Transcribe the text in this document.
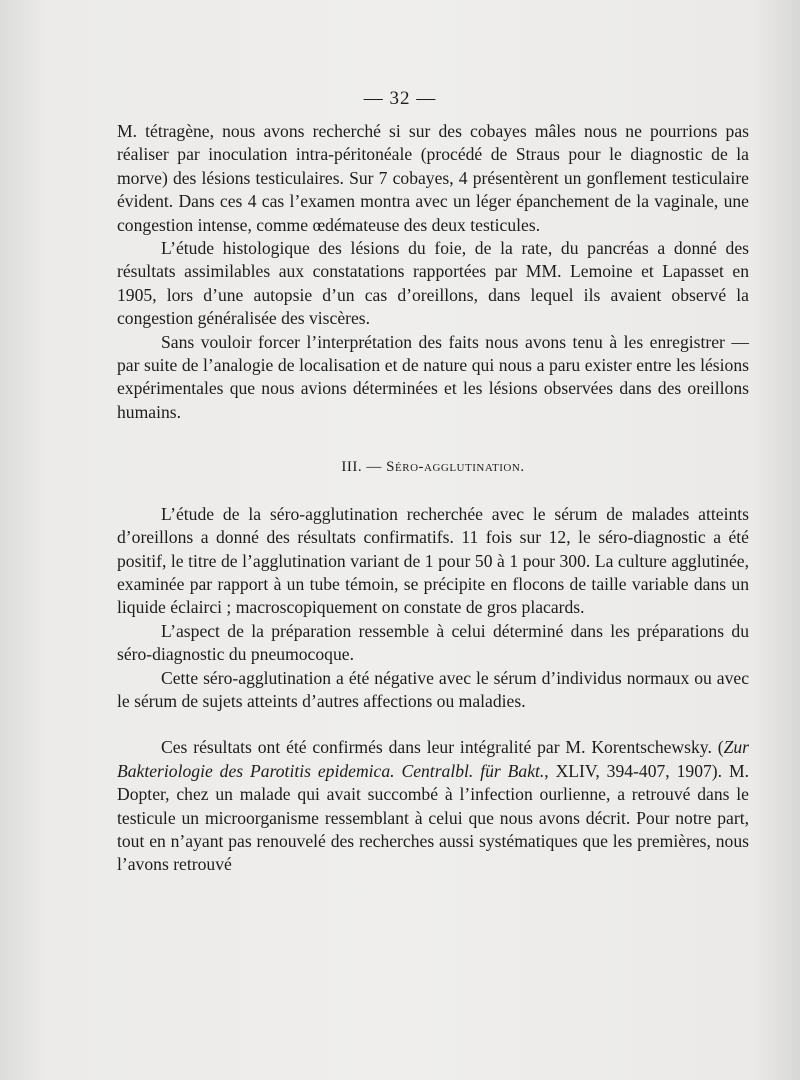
— 32 —

M. tétragène, nous avons recherché si sur des cobayes mâles nous ne pourrions pas réaliser par inoculation intra-péritonéale (procédé de Straus pour le diagnostic de la morve) des lésions testiculaires. Sur 7 cobayes, 4 présentèrent un gonflement testiculaire évident. Dans ces 4 cas l’examen montra avec un léger épanchement de la vaginale, une congestion intense, comme œdémateuse des deux testicules.

L’étude histologique des lésions du foie, de la rate, du pancréas a donné des résultats assimilables aux constatations rapportées par MM. Lemoine et Lapasset en 1905, lors d’une autopsie d’un cas d’oreillons, dans lequel ils avaient observé la congestion généralisée des viscères.

Sans vouloir forcer l’interprétation des faits nous avons tenu à les enregistrer — par suite de l’analogie de localisation et de nature qui nous a paru exister entre les lésions expérimentales que nous avions déterminées et les lésions observées dans des oreillons humains.

III. — Séro-agglutination.

L’étude de la séro-agglutination recherchée avec le sérum de malades atteints d’oreillons a donné des résultats confirmatifs. 11 fois sur 12, le séro-diagnostic a été positif, le titre de l’agglutination variant de 1 pour 50 à 1 pour 300. La culture agglutinée, examinée par rapport à un tube témoin, se précipite en flocons de taille variable dans un liquide éclairci ; macroscopiquement on constate de gros placards.

L’aspect de la préparation ressemble à celui déterminé dans les préparations du séro-diagnostic du pneumocoque.

Cette séro-agglutination a été négative avec le sérum d’individus normaux ou avec le sérum de sujets atteints d’autres affections ou maladies.

Ces résultats ont été confirmés dans leur intégralité par M. Korentschewsky. (Zur Bakteriologie des Parotitis epidemica. Centralbl. für Bakt., XLIV, 394-407, 1907). M. Dopter, chez un malade qui avait succombé à l’infection ourlienne, a retrouvé dans le testicule un microorganisme ressemblant à celui que nous avons décrit. Pour notre part, tout en n’ayant pas renouvelé des recherches aussi systématiques que les premières, nous l’avons retrouvé
